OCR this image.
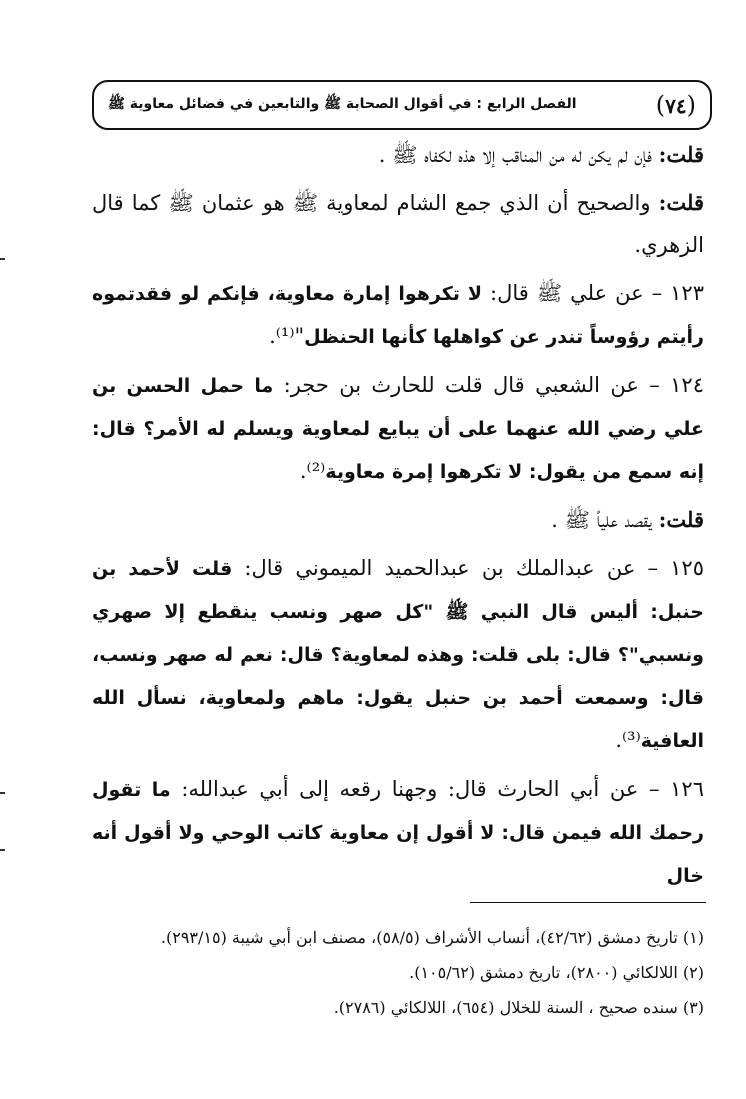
(٧٤)
الفصل الرابع : في أقوال الصحابة ﷺ والتابعين في فضائل معاوية ﷺ

قلت: فإن لم يكن له من المناقب إلا هذه لكفاه ﷺ .

قلت: والصحيح أن الذي جمع الشام لمعاوية ﷺ هو عثمان ﷺ كما قال الزهري.

١٢٣ – عن علي ﷺ قال: لا تكرهوا إمارة معاوية، فإنكم لو فقدتموه رأيتم رؤوساً تندر عن كواهلها كأنها الحنظل"⁽¹⁾.

١٢٤ – عن الشعبي قال قلت للحارث بن حجر: ما حمل الحسن بن علي رضي الله عنهما على أن يبايع لمعاوية ويسلم له الأمر؟ قال: إنه سمع من يقول: لا تكرهوا إمرة معاوية⁽²⁾.

قلت: يقصد علياً ﷺ .

١٢٥ – عن عبدالملك بن عبدالحميد الميموني قال: قلت لأحمد بن حنبل: أليس قال النبي ﷺ "كل صهر ونسب ينقطع إلا صهري ونسبي"؟ قال: بلى قلت: وهذه لمعاوية؟ قال: نعم له صهر ونسب، قال: وسمعت أحمد بن حنبل يقول: ماهم ولمعاوية، نسأل الله العافية⁽³⁾.

١٢٦ – عن أبي الحارث قال: وجهنا رقعه إلى أبي عبدالله: ما تقول رحمك الله فيمن قال: لا أقول إن معاوية كاتب الوحي ولا أقول أنه خال

(١) تاريخ دمشق (٤٢/٦٢)، أنساب الأشراف (٥٨/٥)، مصنف ابن أبي شيبة (٢٩٣/١٥).
(٢) اللالكائي (٢٨٠٠)، تاريخ دمشق (١٠٥/٦٢).
(٣) سنده صحيح ، السنة للخلال (٦٥٤)، اللالكائي (٢٧٨٦).
